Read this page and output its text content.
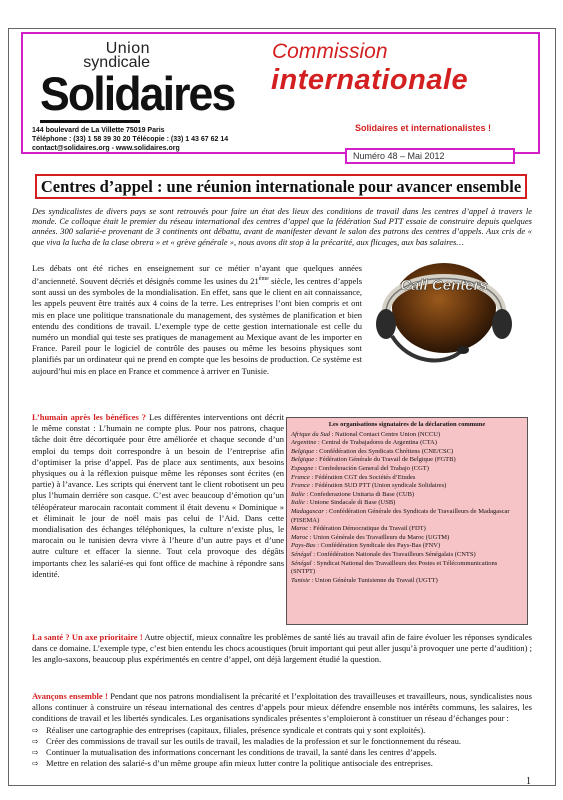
Union
syndicale
Solidaires
Commission
internationale
144 boulevard de La Villette 75019 Paris
Téléphone : (33) 1 58 39 30 20 Télécopie : (33) 1 43 67 62 14
contact@solidaires.org - www.solidaires.org
Solidaires et internationalistes !
Numéro 48 – Mai 2012
Centres d’appel : une réunion internationale pour avancer ensemble

Des syndicalistes de divers pays se sont retrouvés pour faire un état des lieux des conditions de travail dans les centres d’appel à travers le monde. Ce colloque était le premier du réseau international des centres d’appel que la fédération Sud PTT essaie de construire depuis quelques années. 300 salarié-e provenant de 3 continents ont débattu, avant de manifester devant le salon des patrons des centres d’appels. Aux cris de « que viva la lucha de la clase obrera » et « grève générale », nous avons dit stop à la précarité, aux flicages, aux bas salaires…

Les débats ont été riches en enseignement sur ce métier n’ayant que quelques années d’ancienneté. Souvent décriés et désignés comme les usines du 21ème siècle, les centres d’appels sont aussi un des symboles de la mondialisation. En effet, sans que le client en ait connaissance, les appels peuvent être traités aux 4 coins de la terre. Les entreprises l’ont bien compris et ont mis en place une politique transnationale du management, des systèmes de planification et bien entendu des conditions de travail. L’exemple type de cette gestion internationale est celle du numéro un mondial qui teste ses pratiques de management au Mexique avant de les importer en France. Pareil pour le logiciel de contrôle des pauses ou même les besoins physiques sont planifiés par un ordinateur qui ne prend en compte que les besoins de production. Ce système est aujourd’hui mis en place en France et commence à arriver en Tunisie.

Call Centers

L’humain après les bénéfices ? Les différentes interventions ont décrit le même constat : L’humain ne compte plus. Pour nos patrons, chaque tâche doit être décortiquée pour être améliorée et chaque seconde d’un emploi du temps doit correspondre à un besoin de l’entreprise afin d’optimiser la prise d’appel. Pas de place aux sentiments, aux besoins physiques ou à la réflexion puisque même les réponses sont écrites (en partie) à l’avance. Les scripts qui énervent tant le client robotisent un peu plus l’humain derrière son casque. C’est avec beaucoup d’émotion qu’un téléopérateur marocain racontait comment il était devenu « Dominique » et éliminait le jour de noël mais pas celui de l’Aid. Dans cette mondialisation des échanges téléphoniques, la culture n’existe plus, le marocain ou le tunisien devra vivre à l’heure d’un autre pays et d’une autre culture et effacer la sienne. Tout cela provoque des dégâts importants chez les salarié-es qui font office de machine à répondre sans identité.

Les organisations signataires de la déclaration commune
Afrique du Sud : National Contact Centre Union (NCCU)
Argentine : Central de Trabajadores de Argentina (CTA)
Belgique : Confédération des Syndicats Chrétiens (CNE/CSC)
Belgique : Fédération Générale du Travail de Belgique (FGTB)
Espagne : Confederación General del Trabajo (CGT)
France : Fédération CGT des Sociétés d’Etudes
France : Fédération SUD PTT (Union syndicale Solidaires)
Italie : Confederazione Unitaria di Base (CUB)
Italie : Unione Sindacale di Base (USB)
Madagascar : Confédération Générale des Syndicats de Travailleurs de Madagascar (FISEMA)
Maroc : Fédération Démocratique du Travail (FDT)
Maroc : Union Générale des Travailleurs du Maroc (UGTM)
Pays-Bas : Confédération Syndicale des Pays-Bas (FNV)
Sénégal : Confédération Nationale des Travailleurs Sénégalais (CNTS)
Sénégal : Syndicat National des Travailleurs des Postes et Télécommunications (SNTPT)
Tunisie : Union Générale Tunisienne du Travail (UGTT)

La santé ? Un axe prioritaire ! Autre objectif, mieux connaître les problèmes de santé liés au travail afin de faire évoluer les réponses syndicales dans ce domaine. L’exemple type, c’est bien entendu les chocs acoustiques (bruit important qui peut aller jusqu’à provoquer une perte d’audition) ; les anglo-saxons, beaucoup plus expérimentés en centre d’appel, ont déjà largement étudié la question.

Avançons ensemble ! Pendant que nos patrons mondialisent la précarité et l’exploitation des travailleuses et travailleurs, nous, syndicalistes nous allons continuer à construire un réseau international des centres d’appels pour mieux défendre ensemble nos intérêts communs, les salaires, les conditions de travail et les libertés syndicales. Les organisations syndicales présentes s’emploieront à constituer un réseau d’échanges pour :

⇨ Réaliser une cartographie des entreprises (capitaux, filiales, présence syndicale et contrats qui y sont exploités).
⇨ Créer des commissions de travail sur les outils de travail, les maladies de la profession et sur le fonctionnement du réseau.
⇨ Continuer la mutualisation des informations concernant les conditions de travail, la santé dans les centres d’appels.
⇨ Mettre en relation des salarié-s d’un même groupe afin mieux lutter contre la politique antisociale des entreprises.
1
